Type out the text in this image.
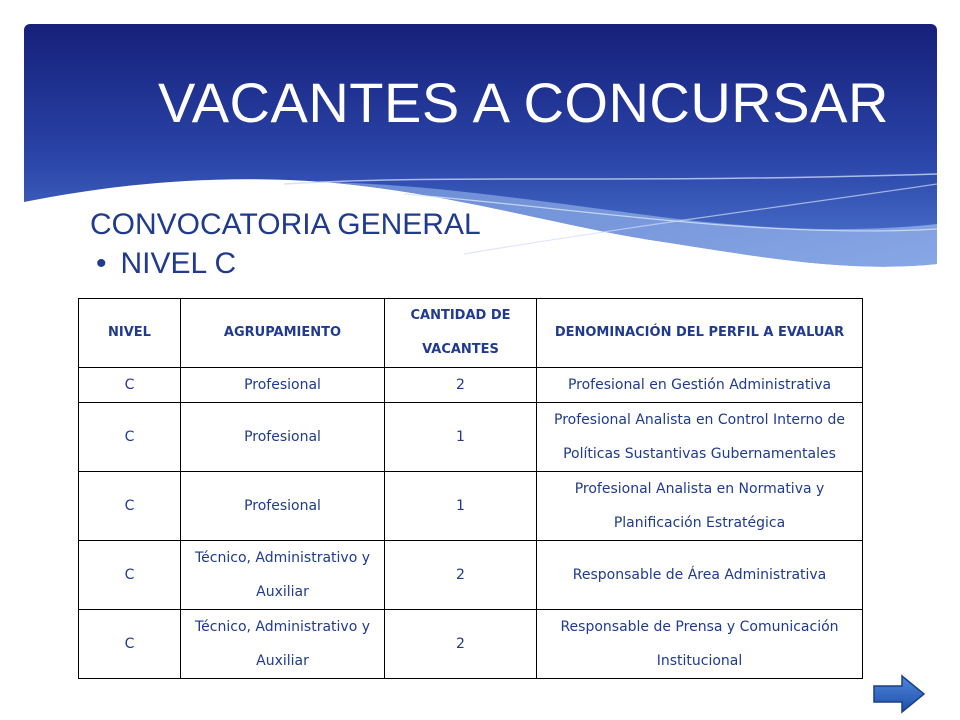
VACANTES A CONCURSAR
CONVOCATORIA GENERAL
• NIVEL C
NIVEL	AGRUPAMIENTO	CANTIDAD DE VACANTES	DENOMINACIÓN DEL PERFIL A EVALUAR
C	Profesional	2	Profesional en Gestión Administrativa
C	Profesional	1	Profesional Analista en Control Interno de Políticas Sustantivas Gubernamentales
C	Profesional	1	Profesional Analista en Normativa y Planificación Estratégica
C	Técnico, Administrativo y Auxiliar	2	Responsable de Área Administrativa
C	Técnico, Administrativo y Auxiliar	2	Responsable de Prensa y Comunicación Institucional
